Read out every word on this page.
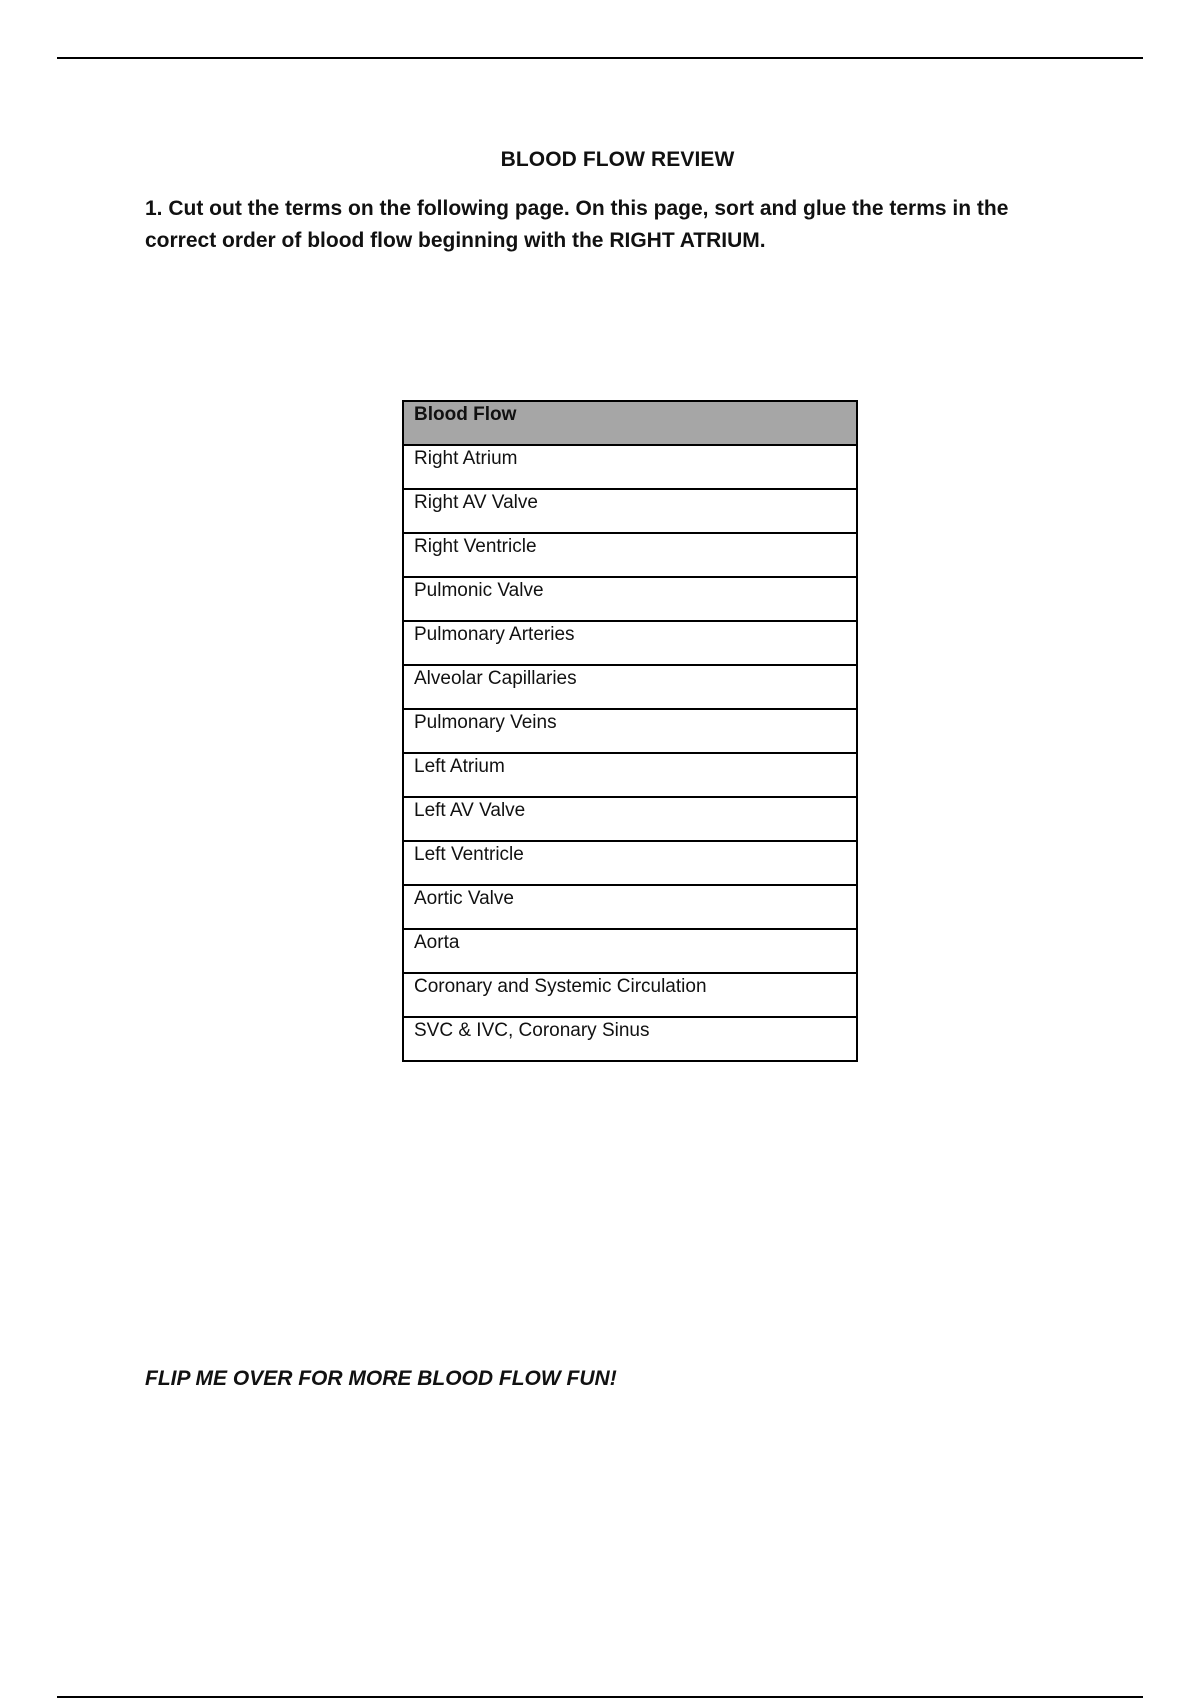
BLOOD FLOW REVIEW
1. Cut out the terms on the following page. On this page, sort and glue the terms in the correct order of blood flow beginning with the RIGHT ATRIUM.
Blood Flow
Right Atrium
Right AV Valve
Right Ventricle
Pulmonic Valve
Pulmonary Arteries
Alveolar Capillaries
Pulmonary Veins
Left Atrium
Left AV Valve
Left Ventricle
Aortic Valve
Aorta
Coronary and Systemic Circulation
SVC & IVC, Coronary Sinus
FLIP ME OVER FOR MORE BLOOD FLOW FUN!
